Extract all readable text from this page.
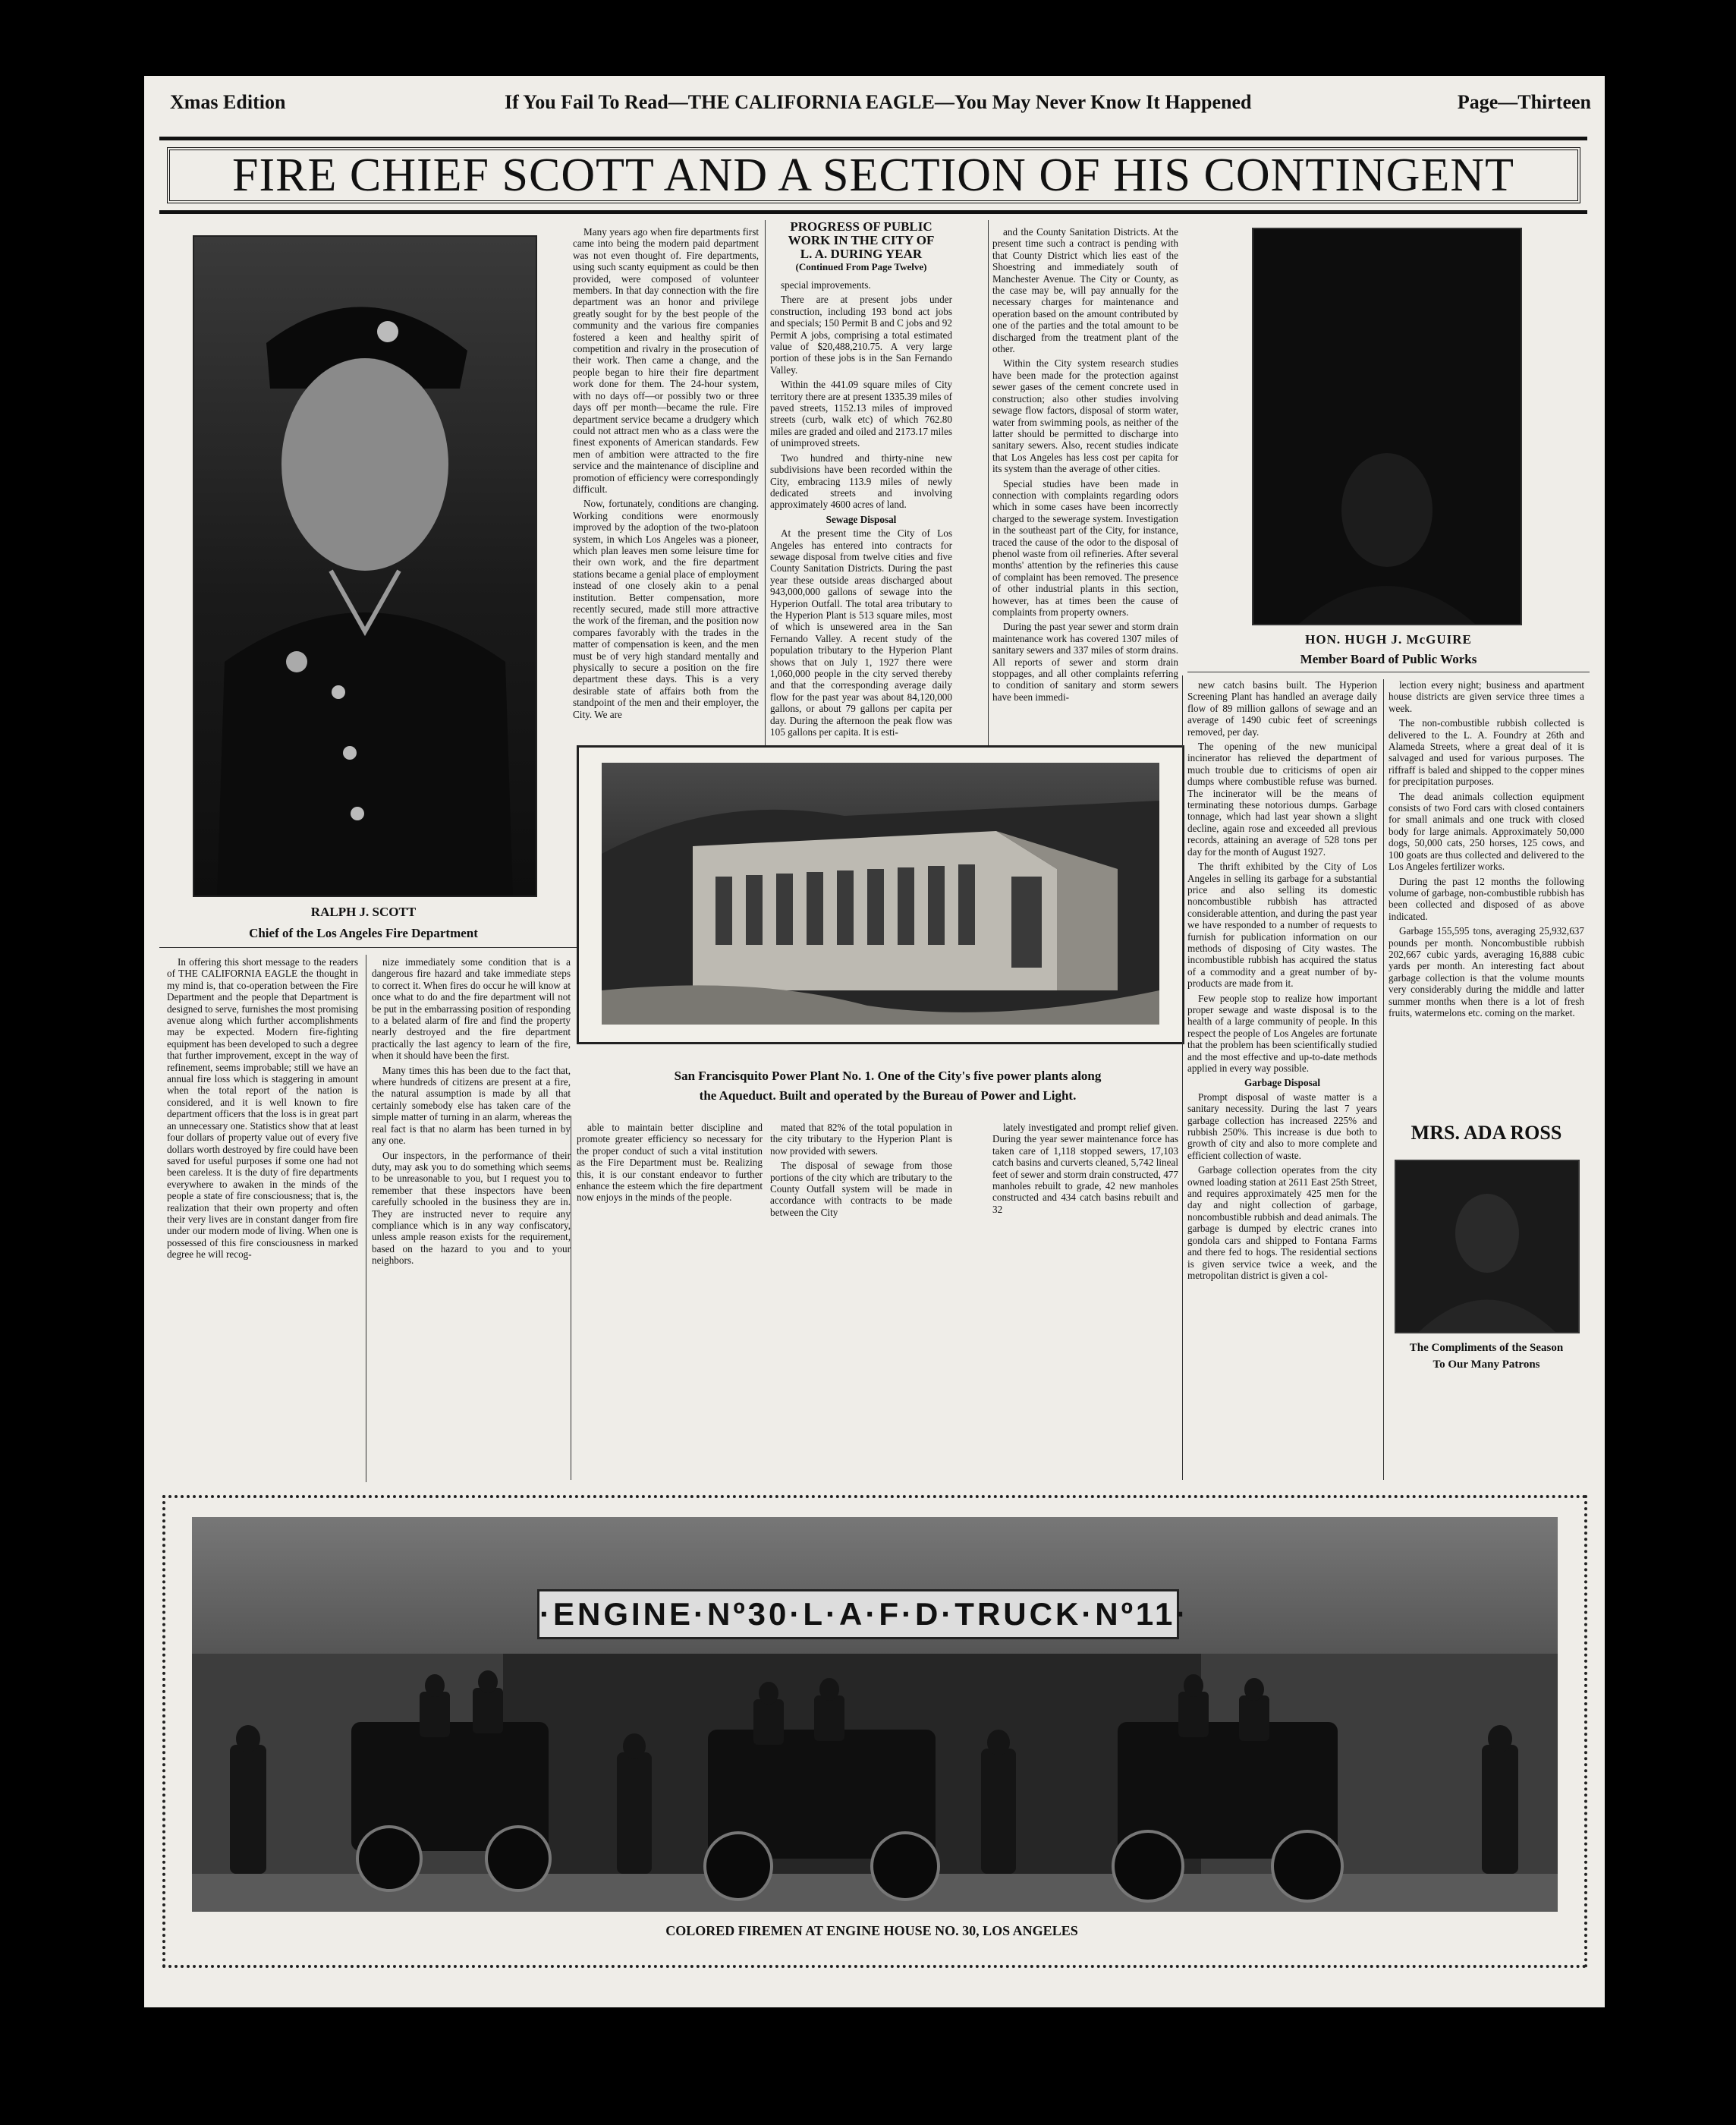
Xmas Edition	If You Fail To Read—THE CALIFORNIA EAGLE—You May Never Know It Happened	Page—Thirteen
FIRE CHIEF SCOTT AND A SECTION OF HIS CONTINGENT
RALPH J. SCOTT
Chief of the Los Angeles Fire Department

Many years ago when fire departments first came into being the modern paid department was not even thought of. Fire departments, using such scanty equipment as could be then provided, were composed of volunteer members. In that day connection with the fire department was an honor and privilege greatly sought for by the best people of the community and the various fire companies fostered a keen and healthy spirit of competition and rivalry in the prosecution of their work. Then came a change, and the people began to hire their fire department work done for them. The 24-hour system, with no days off—or possibly two or three days off per month—became the rule. Fire department service became a drudgery which could not attract men who as a class were the finest exponents of American standards. Few men of ambition were attracted to the fire service and the maintenance of discipline and promotion of efficiency were correspondingly difficult.

Now, fortunately, conditions are changing. Working conditions were enormously improved by the adoption of the two-platoon system, in which Los Angeles was a pioneer, which plan leaves men some leisure time for their own work, and the fire department stations became a genial place of employment instead of one closely akin to a penal institution. Better compensation, more recently secured, made still more attractive the work of the fireman, and the position now compares favorably with the trades in the matter of compensation is keen, and the men must be of very high standard mentally and physically to secure a position on the fire department these days. This is a very desirable state of affairs both from the standpoint of the men and their employer, the City. We are

PROGRESS OF PUBLIC
WORK IN THE CITY OF
L. A. DURING YEAR
(Continued From Page Twelve)

special improvements.

There are at present jobs under construction, including 193 bond act jobs and specials; 150 Permit B and C jobs and 92 Permit A jobs, comprising a total estimated value of $20,488,210.75. A very large portion of these jobs is in the San Fernando Valley.

Within the 441.09 square miles of City territory there are at present 1335.39 miles of paved streets, 1152.13 miles of improved streets (curb, walk etc) of which 762.80 miles are graded and oiled and 2173.17 miles of unimproved streets.

Two hundred and thirty-nine new subdivisions have been recorded within the City, embracing 113.9 miles of newly dedicated streets and involving approximately 4600 acres of land.

Sewage Disposal

At the present time the City of Los Angeles has entered into contracts for sewage disposal from twelve cities and five County Sanitation Districts. During the past year these outside areas discharged about 943,000,000 gallons of sewage into the Hyperion Outfall. The total area tributary to the Hyperion Plant is 513 square miles, most of which is unsewered area in the San Fernando Valley. A recent study of the population tributary to the Hyperion Plant shows that on July 1, 1927 there were 1,060,000 people in the city served thereby and that the corresponding average daily flow for the past year was about 84,120,000 gallons, or about 79 gallons per capita per day. During the afternoon the peak flow was 105 gallons per capita. It is esti-

and the County Sanitation Districts. At the present time such a contract is pending with that County District which lies east of the Shoestring and immediately south of Manchester Avenue. The City or County, as the case may be, will pay annually for the necessary charges for maintenance and operation based on the amount contributed by one of the parties and the total amount to be discharged from the treatment plant of the other.

Within the City system research studies have been made for the protection against sewer gases of the cement concrete used in construction; also other studies involving sewage flow factors, disposal of storm water, water from swimming pools, as neither of the latter should be permitted to discharge into sanitary sewers. Also, recent studies indicate that Los Angeles has less cost per capita for its system than the average of other cities.

Special studies have been made in connection with complaints regarding odors which in some cases have been incorrectly charged to the sewerage system. Investigation in the southeast part of the City, for instance, traced the cause of the odor to the disposal of phenol waste from oil refineries. After several months' attention by the refineries this cause of complaint has been removed. The presence of other industrial plants in this section, however, has at times been the cause of complaints from property owners.

During the past year sewer and storm drain maintenance work has covered 1307 miles of sanitary sewers and 337 miles of storm drains. All reports of sewer and storm drain stoppages, and all other complaints referring to condition of sanitary and storm sewers have been immedi-

HON. HUGH J. McGUIRE
Member Board of Public Works
San Francisquito Power Plant No. 1. One of the City's five power plants along
the Aqueduct. Built and operated by the Bureau of Power and Light.

In offering this short message to the readers of THE CALIFORNIA EAGLE the thought in my mind is, that co-operation between the Fire Department and the people that Department is designed to serve, furnishes the most promising avenue along which further accomplishments may be expected. Modern fire-fighting equipment has been developed to such a degree that further improvement, except in the way of refinement, seems improbable; still we have an annual fire loss which is staggering in amount when the total report of the nation is considered, and it is well known to fire department officers that the loss is in great part an unnecessary one. Statistics show that at least four dollars of property value out of every five dollars worth destroyed by fire could have been saved for useful purposes if some one had not been careless. It is the duty of fire departments everywhere to awaken in the minds of the people a state of fire consciousness; that is, the realization that their own property and often their very lives are in constant danger from fire under our modern mode of living. When one is possessed of this fire consciousness in marked degree he will recog-

nize immediately some condition that is a dangerous fire hazard and take immediate steps to correct it. When fires do occur he will know at once what to do and the fire department will not be put in the embarrassing position of responding to a belated alarm of fire and find the property nearly destroyed and the fire department practically the last agency to learn of the fire, when it should have been the first.

Many times this has been due to the fact that, where hundreds of citizens are present at a fire, the natural assumption is made by all that certainly somebody else has taken care of the simple matter of turning in an alarm, whereas the real fact is that no alarm has been turned in by any one.

Our inspectors, in the performance of their duty, may ask you to do something which seems to be unreasonable to you, but I request you to remember that these inspectors have been carefully schooled in the business they are in. They are instructed never to require any compliance which is in any way confiscatory, unless ample reason exists for the requirement, based on the hazard to you and to your neighbors.

able to maintain better discipline and promote greater efficiency so necessary for the proper conduct of such a vital institution as the Fire Department must be. Realizing this, it is our constant endeavor to further enhance the esteem which the fire department now enjoys in the minds of the people.

mated that 82% of the total population in the city tributary to the Hyperion Plant is now provided with sewers.

The disposal of sewage from those portions of the city which are tributary to the County Outfall system will be made in accordance with contracts to be made between the City

lately investigated and prompt relief given. During the year sewer maintenance force has taken care of 1,118 stopped sewers, 17,103 catch basins and curverts cleaned, 5,742 lineal feet of sewer and storm drain constructed, 477 manholes rebuilt to grade, 42 new manholes constructed and 434 catch basins rebuilt and 32

new catch basins built. The Hyperion Screening Plant has handled an average daily flow of 89 million gallons of sewage and an average of 1490 cubic feet of screenings removed, per day.

The opening of the new municipal incinerator has relieved the department of much trouble due to criticisms of open air dumps where combustible refuse was burned. The incinerator will be the means of terminating these notorious dumps. Garbage tonnage, which had last year shown a slight decline, again rose and exceeded all previous records, attaining an average of 528 tons per day for the month of August 1927.

The thrift exhibited by the City of Los Angeles in selling its garbage for a substantial price and also selling its domestic noncombustible rubbish has attracted considerable attention, and during the past year we have responded to a number of requests to furnish for publication information on our methods of disposing of City wastes. The incombustible rubbish has acquired the status of a commodity and a great number of by-products are made from it.

Few people stop to realize how important proper sewage and waste disposal is to the health of a large community of people. In this respect the people of Los Angeles are fortunate that the problem has been scientifically studied and the most effective and up-to-date methods applied in every way possible.

Garbage Disposal

Prompt disposal of waste matter is a sanitary necessity. During the last 7 years garbage collection has increased 225% and rubbish 250%. This increase is due both to growth of city and also to more complete and efficient collection of waste.

Garbage collection operates from the city owned loading station at 2611 East 25th Street, and requires approximately 425 men for the day and night collection of garbage, noncombustible rubbish and dead animals. The garbage is dumped by electric cranes into gondola cars and shipped to Fontana Farms and there fed to hogs. The residential sections is given service twice a week, and the metropolitan district is given a col-

lection every night; business and apartment house districts are given service three times a week.

The non-combustible rubbish collected is delivered to the L. A. Foundry at 26th and Alameda Streets, where a great deal of it is salvaged and used for various purposes. The riffraff is baled and shipped to the copper mines for precipitation purposes.

The dead animals collection equipment consists of two Ford cars with closed containers for small animals and one truck with closed body for large animals. Approximately 50,000 dogs, 50,000 cats, 250 horses, 125 cows, and 100 goats are thus collected and delivered to the Los Angeles fertilizer works.

During the past 12 months the following volume of garbage, non-combustible rubbish has been collected and disposed of as above indicated.

Garbage 155,595 tons, averaging 25,932,637 pounds per month. Noncombustible rubbish 202,667 cubic yards, averaging 16,888 cubic yards per month. An interesting fact about garbage collection is that the volume mounts very considerably during the middle and latter summer months when there is a lot of fresh fruits, watermelons etc. coming on the market.

MRS. ADA ROSS
The Compliments of the Season
To Our Many Patrons
·ENGINE·Nº30·L·A·F·D·TRUCK·Nº11·
COLORED FIREMEN AT ENGINE HOUSE NO. 30, LOS ANGELES
